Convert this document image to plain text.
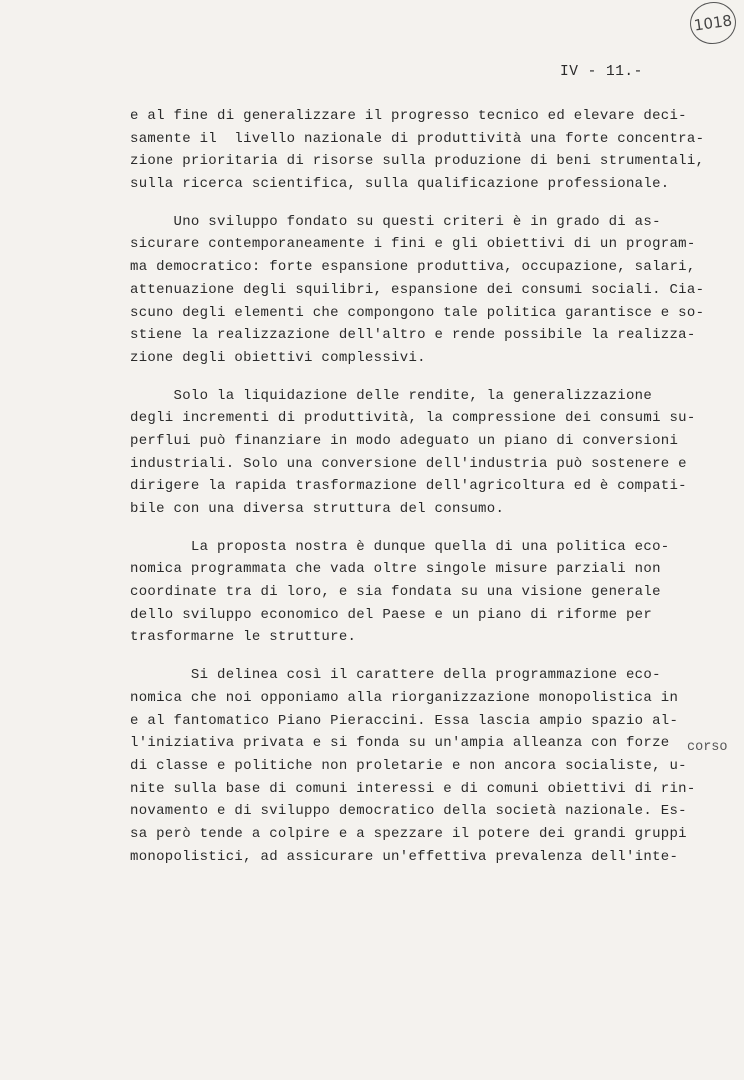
1018
IV - 11.-
e al fine di generalizzare il progresso tecnico ed elevare deci-
samente il  livello nazionale di produttività una forte concentra-
zione prioritaria di risorse sulla produzione di beni strumentali,
sulla ricerca scientifica, sulla qualificazione professionale.
Uno sviluppo fondato su questi criteri è in grado di as-
sicurare contemporaneamente i fini e gli obiettivi di un program-
ma democratico: forte espansione produttiva, occupazione, salari,
attenuazione degli squilibri, espansione dei consumi sociali. Cia-
scuno degli elementi che compongono tale politica garantisce e so-
stiene la realizzazione dell'altro e rende possibile la realizza-
zione degli obiettivi complessivi.
Solo la liquidazione delle rendite, la generalizzazione
degli incrementi di produttività, la compressione dei consumi su-
perflui può finanziare in modo adeguato un piano di conversioni
industriali. Solo una conversione dell'industria può sostenere e
dirigere la rapida trasformazione dell'agricoltura ed è compati-
bile con una diversa struttura del consumo.
La proposta nostra è dunque quella di una politica eco-
nomica programmata che vada oltre singole misure parziali non
coordinate tra di loro, e sia fondata su una visione generale
dello sviluppo economico del Paese e un piano di riforme per
trasformarne le strutture.
Si delinea così il carattere della programmazione eco-
nomica che noi opponiamo alla riorganizzazione monopolistica in
e al fantomatico Piano Pieraccini. Essa lascia ampio spazio al-
l'iniziativa privata e si fonda su un'ampia alleanza con forze
di classe e politiche non proletarie e non ancora socialiste, u-
nite sulla base di comuni interessi e di comuni obiettivi di rin-
novamento e di sviluppo democratico della società nazionale. Es-
sa però tende a colpire e a spezzare il potere dei grandi gruppi
monopolistici, ad assicurare un'effettiva prevalenza dell'inte-
corso
